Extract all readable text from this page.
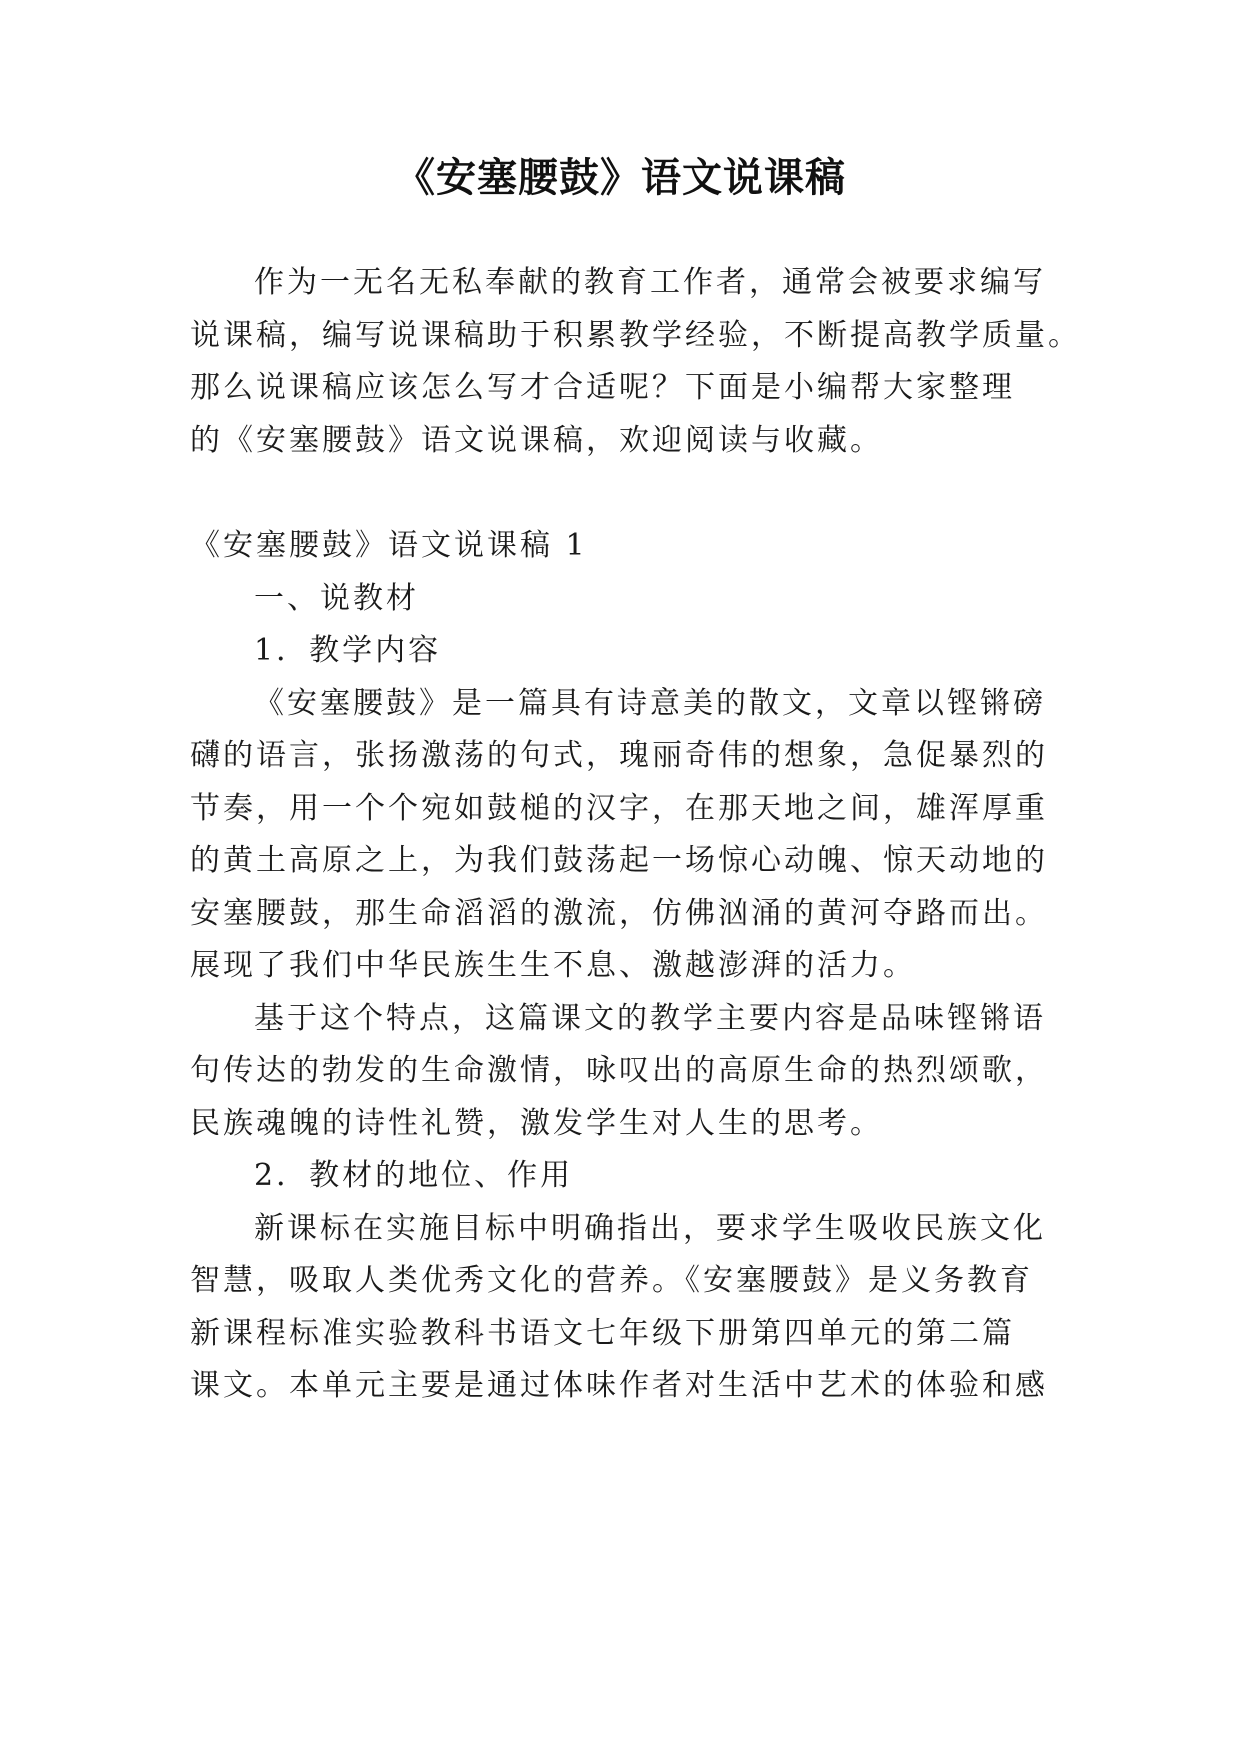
《安塞腰鼓》语文说课稿
作为一无名无私奉献的教育工作者，通常会被要求编写
说课稿，编写说课稿助于积累教学经验，不断提高教学质量。
那么说课稿应该怎么写才合适呢？下面是小编帮大家整理
的《安塞腰鼓》语文说课稿，欢迎阅读与收藏。
《安塞腰鼓》语文说课稿 1
一、说教材
1．教学内容
《安塞腰鼓》是一篇具有诗意美的散文，文章以铿锵磅
礴的语言，张扬激荡的句式，瑰丽奇伟的想象，急促暴烈的
节奏，用一个个宛如鼓槌的汉字，在那天地之间，雄浑厚重
的黄土高原之上，为我们鼓荡起一场惊心动魄、惊天动地的
安塞腰鼓，那生命滔滔的激流，仿佛汹涌的黄河夺路而出。
展现了我们中华民族生生不息、激越澎湃的活力。
基于这个特点，这篇课文的教学主要内容是品味铿锵语
句传达的勃发的生命激情，咏叹出的高原生命的热烈颂歌，
民族魂魄的诗性礼赞，激发学生对人生的思考。
2．教材的地位、作用
新课标在实施目标中明确指出，要求学生吸收民族文化
智慧，吸取人类优秀文化的营养。《安塞腰鼓》是义务教育
新课程标准实验教科书语文七年级下册第四单元的第二篇
课文。本单元主要是通过体味作者对生活中艺术的体验和感
